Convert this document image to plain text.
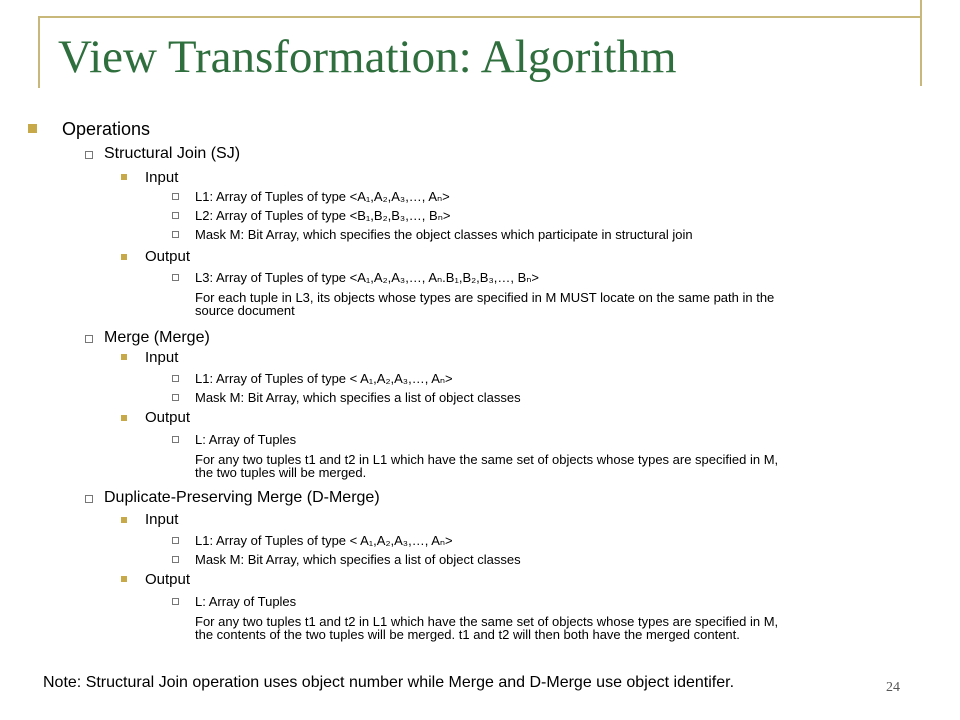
View Transformation: Algorithm
Operations
Structural Join (SJ)
Input
L1: Array of Tuples of type <A₁,A₂,A₃,…, Aₙ>
L2: Array of Tuples of type <B₁,B₂,B₃,…, Bₙ>
Mask M: Bit Array, which specifies the object classes which participate in structural join
Output
L3: Array of Tuples of type <A₁,A₂,A₃,…, Aₙ.B₁,B₂,B₃,…, Bₙ>
For each tuple in L3, its objects whose types are specified in M MUST locate on the same path in the
source document
Merge (Merge)
Input
L1: Array of Tuples of type < A₁,A₂,A₃,…, Aₙ>
Mask M: Bit Array, which specifies a list of object classes
Output
L: Array of Tuples
For any two tuples t1 and t2 in L1 which have the same set of objects whose types are specified in M,
the two tuples will be merged.
Duplicate-Preserving Merge (D-Merge)
Input
L1: Array of Tuples of type < A₁,A₂,A₃,…, Aₙ>
Mask M: Bit Array, which specifies a list of object classes
Output
L: Array of Tuples
For any two tuples t1 and t2 in L1 which have the same set of objects whose types are specified in M,
the contents of the two tuples will be merged. t1 and t2 will then both have the merged content.
Note: Structural Join operation uses object number while Merge and D-Merge use object identifer.	24
